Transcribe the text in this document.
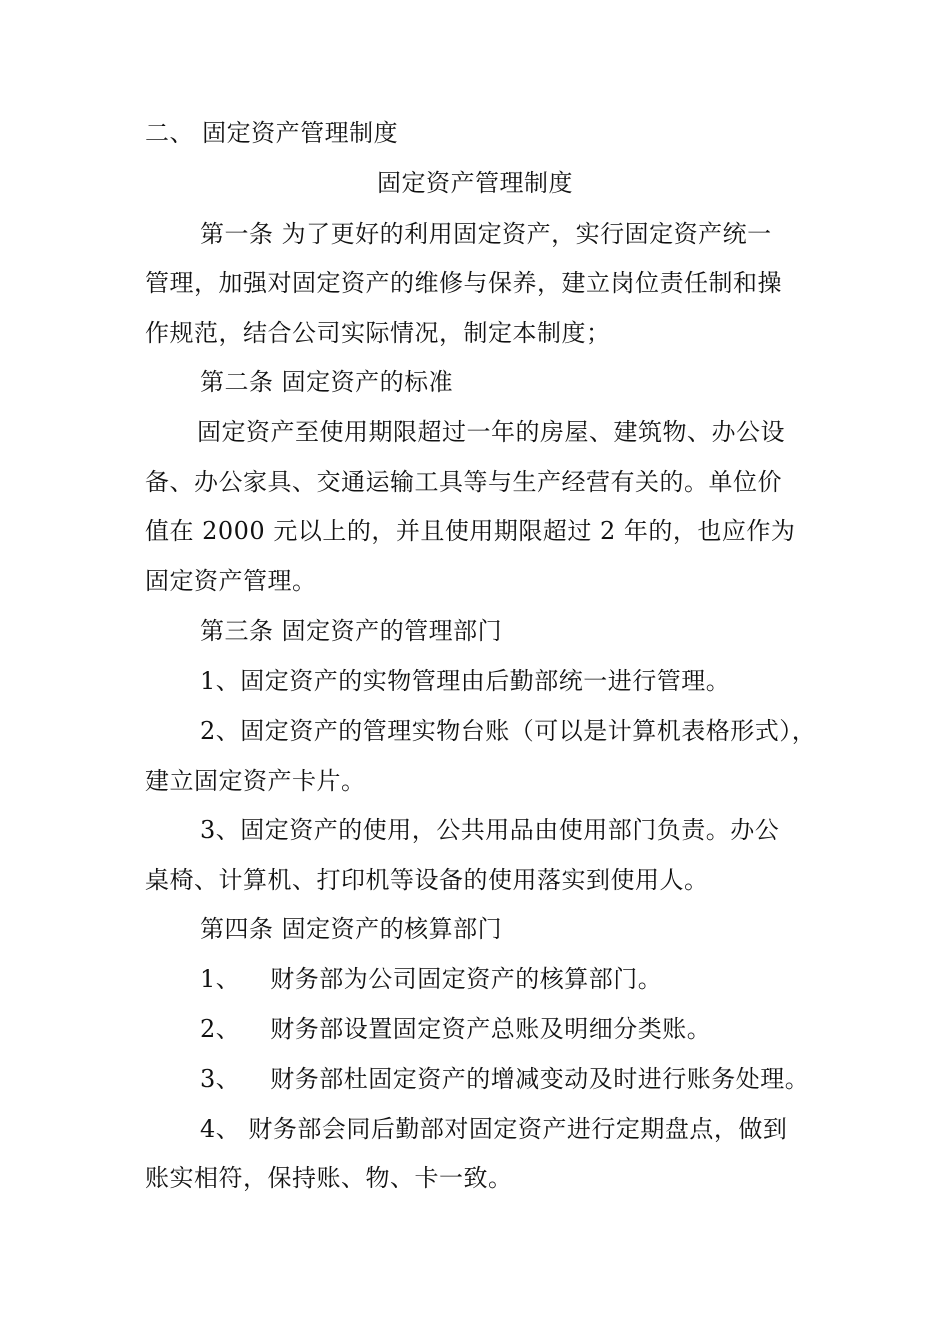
二、 固定资产管理制度
固定资产管理制度
第一条 为了更好的利用固定资产，实行固定资产统一
管理，加强对固定资产的维修与保养，建立岗位责任制和操
作规范，结合公司实际情况，制定本制度；
第二条 固定资产的标准
固定资产至使用期限超过一年的房屋、建筑物、办公设
备、办公家具、交通运输工具等与生产经营有关的。单位价
值在 2000 元以上的，并且使用期限超过 2 年的，也应作为
固定资产管理。
第三条 固定资产的管理部门
1、固定资产的实物管理由后勤部统一进行管理。
2、固定资产的管理实物台账（可以是计算机表格形式），
建立固定资产卡片。
3、固定资产的使用，公共用品由使用部门负责。办公
桌椅、计算机、打印机等设备的使用落实到使用人。
第四条 固定资产的核算部门
1、 财务部为公司固定资产的核算部门。
2、 财务部设置固定资产总账及明细分类账。
3、 财务部杜固定资产的增减变动及时进行账务处理。
4、 财务部会同后勤部对固定资产进行定期盘点，做到
账实相符，保持账、物、卡一致。
